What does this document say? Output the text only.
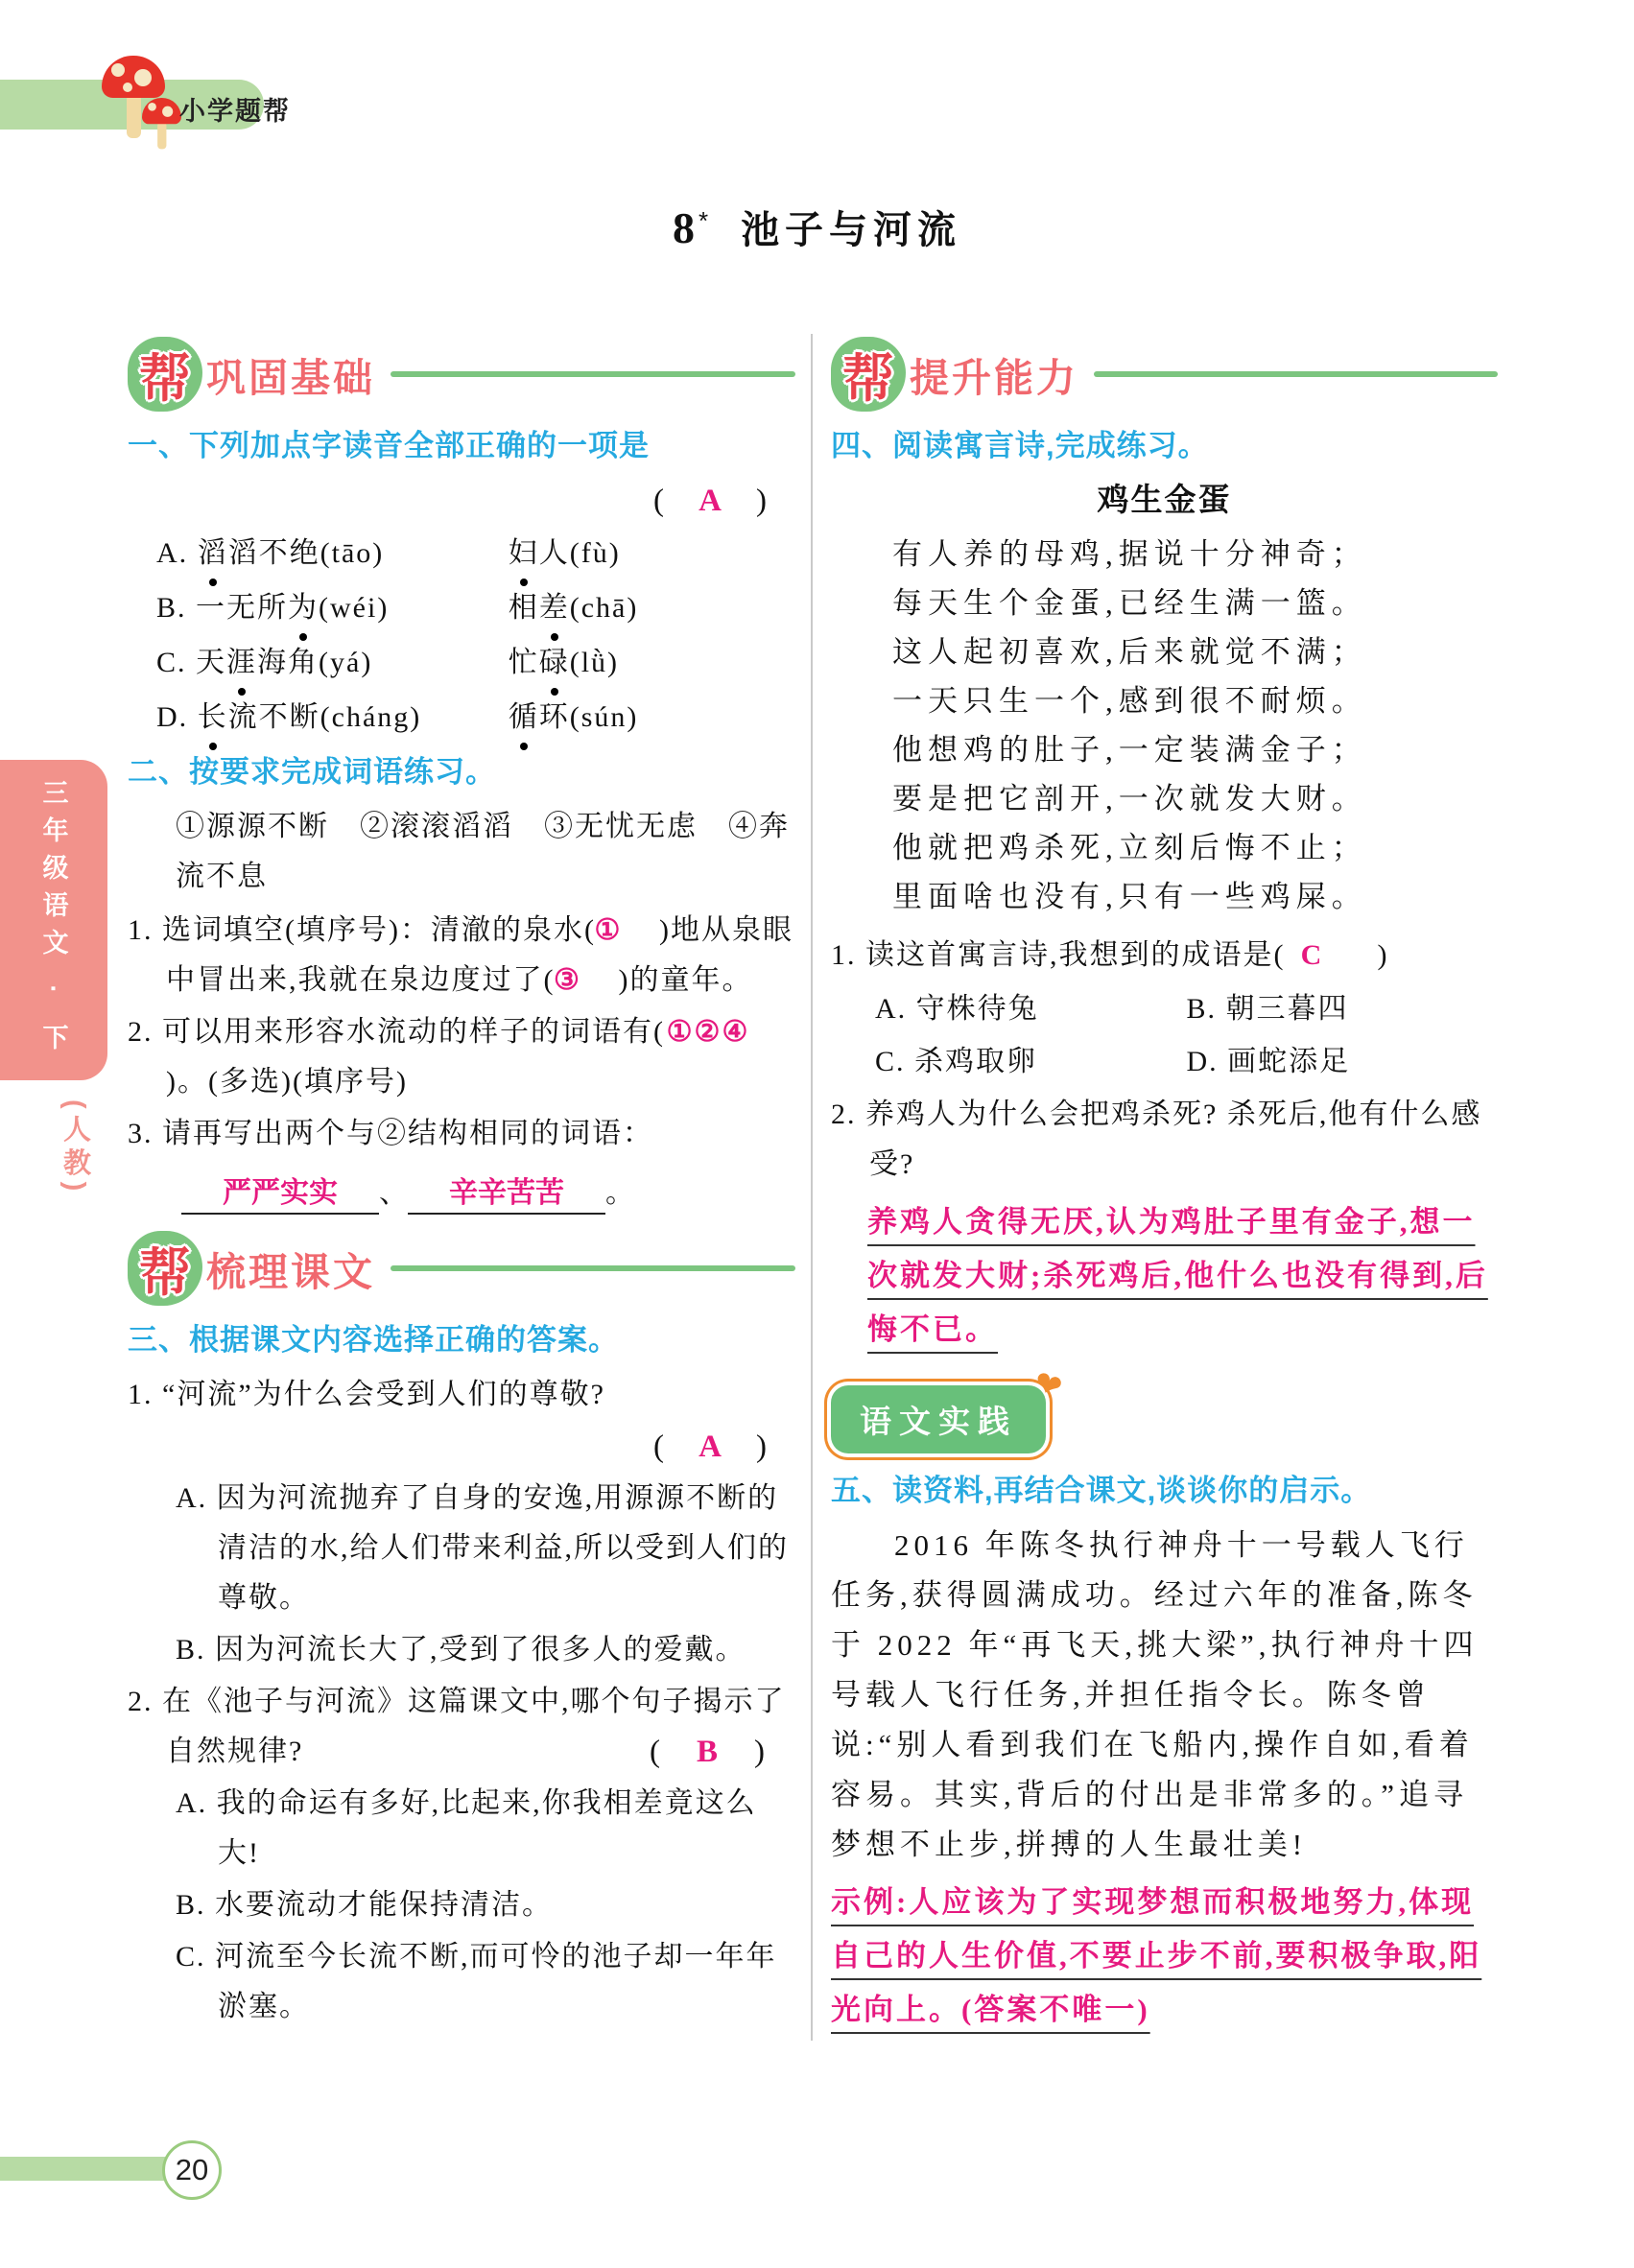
小学题帮
8 * 池子与河流
帮 巩固基础
一、下列加点字读音全部正确的一项是
( A )
A. 滔滔不绝(tāo)	妇人(fù)
B. 一无所为(wéi)	相差(chā)
C. 天涯海角(yá)	忙碌(lǜ)
D. 长流不断(cháng)	循环(sún)
二、按要求完成词语练习。
①源源不断　②滚滚滔滔　③无忧无虑　④奔流不息
1. 选词填空(填序号)：清澈的泉水(① )地从泉眼中冒出来,我就在泉边度过了(③ )的童年。
2. 可以用来形容水流动的样子的词语有(①②④)。(多选)(填序号)
3. 请再写出两个与②结构相同的词语：
严严实实 、 辛辛苦苦 。
帮 梳理课文
三、根据课文内容选择正确的答案。
1. “河流”为什么会受到人们的尊敬?
( A )
A. 因为河流抛弃了自身的安逸,用源源不断的清洁的水,给人们带来利益,所以受到人们的尊敬。
B. 因为河流长大了,受到了很多人的爱戴。
2. 在《池子与河流》这篇课文中,哪个句子揭示了自然规律?	( B )
A. 我的命运有多好,比起来,你我相差竟这么大!
B. 水要流动才能保持清洁。
C. 河流至今长流不断,而可怜的池子却一年年淤塞。
帮 提升能力
四、阅读寓言诗,完成练习。
鸡生金蛋

有人养的母鸡,据说十分神奇；

每天生个金蛋,已经生满一篮。

这人起初喜欢,后来就觉不满；

一天只生一个,感到很不耐烦。

他想鸡的肚子,一定装满金子；

要是把它剖开,一次就发大财。

他就把鸡杀死,立刻后悔不止；

里面啥也没有,只有一些鸡屎。

1. 读这首寓言诗,我想到的成语是( C )
A. 守株待兔	B. 朝三暮四
C. 杀鸡取卵	D. 画蛇添足
2. 养鸡人为什么会把鸡杀死? 杀死后,他有什么感受?
养鸡人贪得无厌,认为鸡肚子里有金子,想一次就发大财;杀死鸡后,他什么也没有得到,后悔不已。
语文实践
❤
五、读资料,再结合课文,谈谈你的启示。

2016 年陈冬执行神舟十一号载人飞行任务,获得圆满成功。经过六年的准备,陈冬于 2022 年“再飞天,挑大梁”,执行神舟十四号载人飞行任务,并担任指令长。陈冬曾说:“别人看到我们在飞船内,操作自如,看着容易。其实,背后的付出是非常多的。”追寻梦想不止步,拼搏的人生最壮美!

示例:人应该为了实现梦想而积极地努力,体现自己的人生价值,不要止步不前,要积极争取,阳光向上。(答案不唯一)
三年级语文 · 下
(人教)
20
